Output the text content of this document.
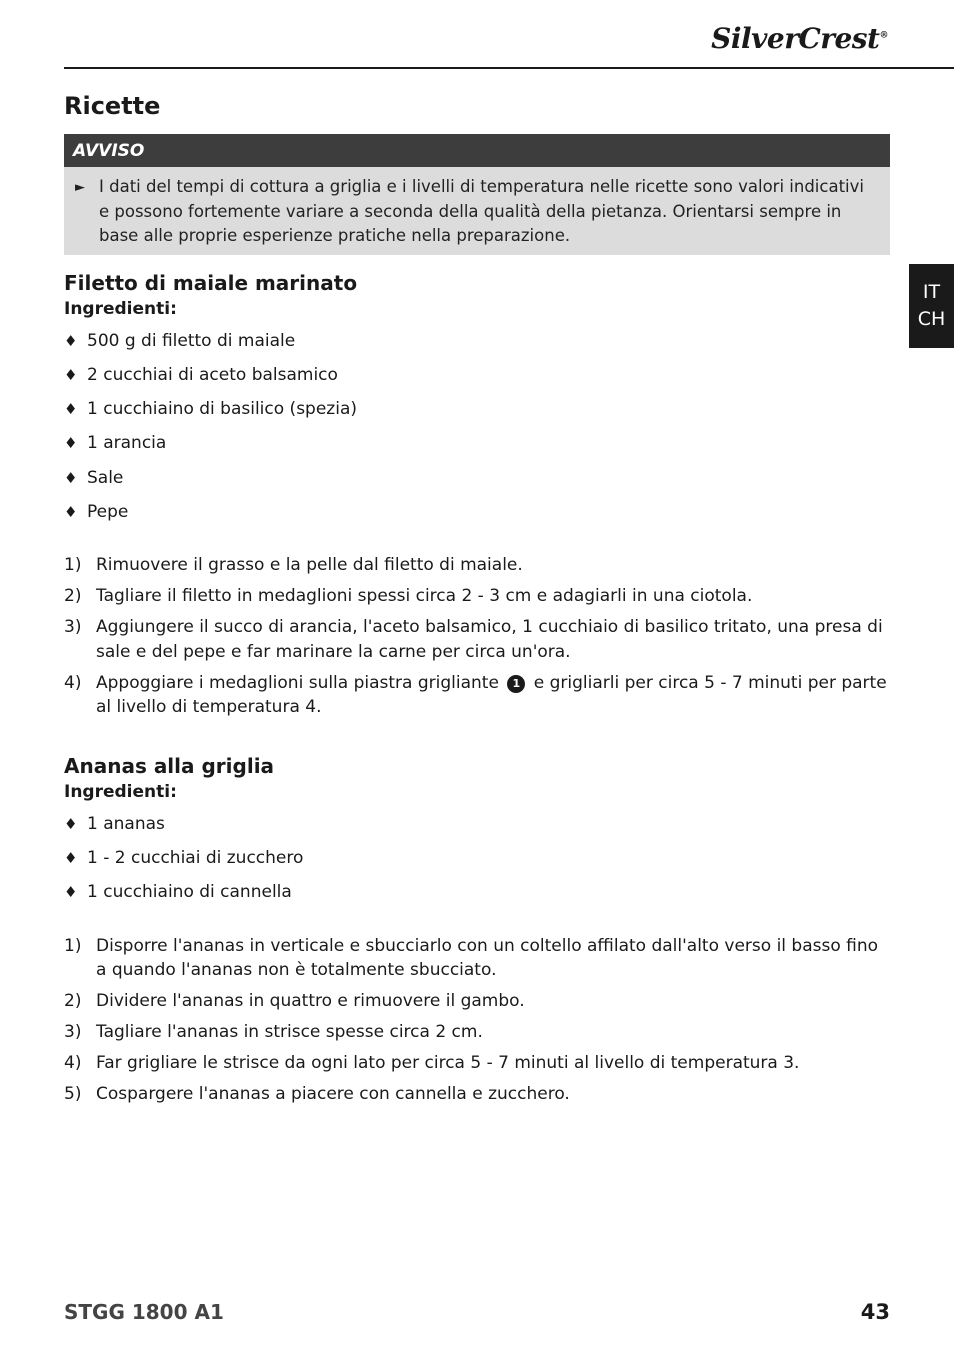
SilverCrest®
IT
CH
Ricette
AVVISO
► I dati del tempi di cottura a griglia e i livelli di temperatura nelle ricette sono valori indicativi e possono fortemente variare a seconda della qualità della pietanza. Orientarsi sempre in base alle proprie esperienze pratiche nella preparazione.
Filetto di maiale marinato
Ingredienti:
♦ 500 g di filetto di maiale
♦ 2 cucchiai di aceto balsamico
♦ 1 cucchiaino di basilico (spezia)
♦ 1 arancia
♦ Sale
♦ Pepe
1) Rimuovere il grasso e la pelle dal filetto di maiale.
2) Tagliare il filetto in medaglioni spessi circa 2 - 3 cm e adagiarli in una ciotola.
3) Aggiungere il succo di arancia, l'aceto balsamico, 1 cucchiaio di basilico tritato, una presa di sale e del pepe e far marinare la carne per circa un'ora.
4) Appoggiare i medaglioni sulla piastra grigliante 1 e grigliarli per circa 5 - 7 minuti per parte al livello di temperatura 4.
Ananas alla griglia
Ingredienti:
♦ 1 ananas
♦ 1 - 2 cucchiai di zucchero
♦ 1 cucchiaino di cannella
1) Disporre l'ananas in verticale e sbucciarlo con un coltello affilato dall'alto verso il basso fino a quando l'ananas non è totalmente sbucciato.
2) Dividere l'ananas in quattro e rimuovere il gambo.
3) Tagliare l'ananas in strisce spesse circa 2 cm.
4) Far grigliare le strisce da ogni lato per circa 5 - 7 minuti al livello di temperatura 3.
5) Cospargere l'ananas a piacere con cannella e zucchero.
STGG 1800 A1	43
